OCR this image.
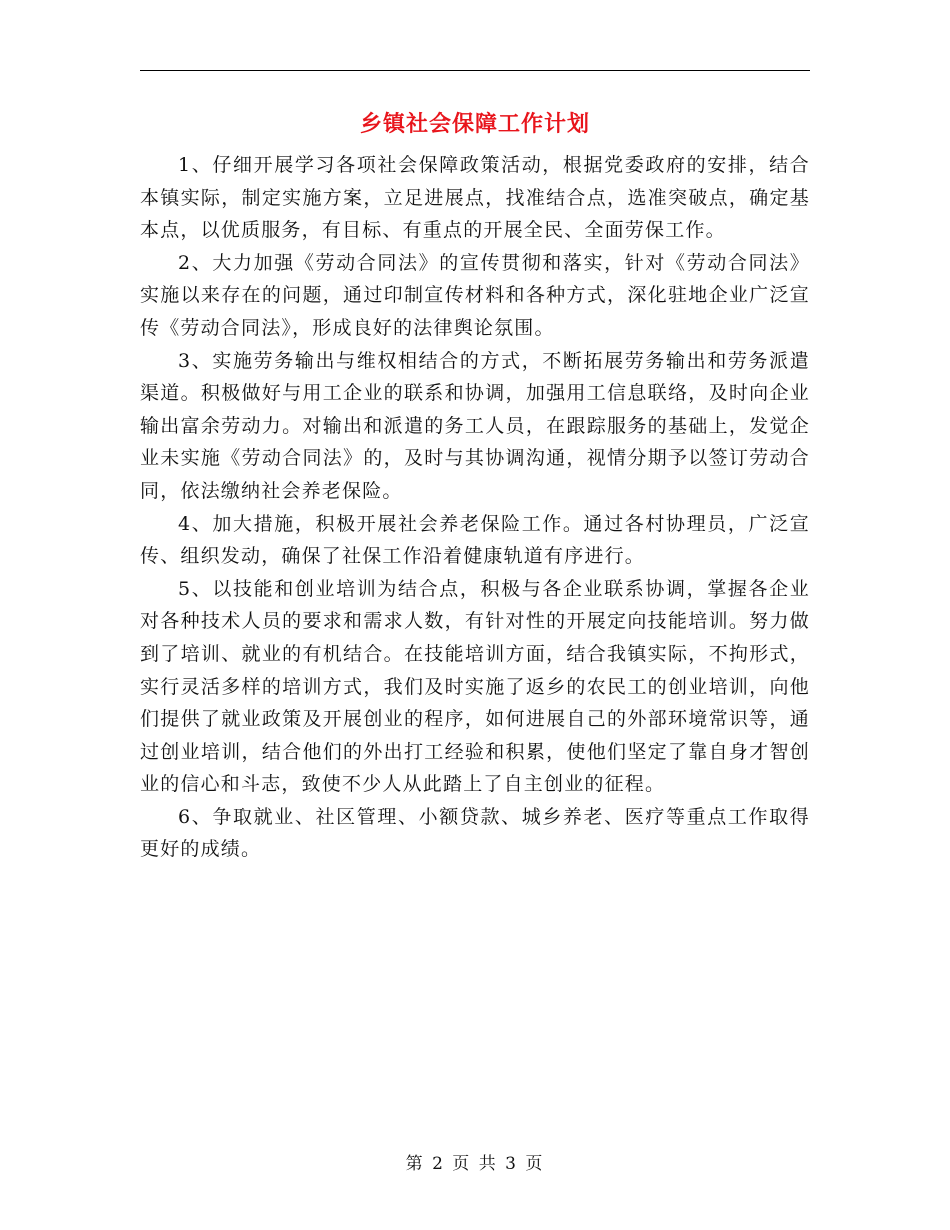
乡镇社会保障工作计划

1、仔细开展学习各项社会保障政策活动，根据党委政府的安排，结合本镇实际，制定实施方案，立足进展点，找准结合点，选准突破点，确定基本点，以优质服务，有目标、有重点的开展全民、全面劳保工作。

2、大力加强《劳动合同法》的宣传贯彻和落实，针对《劳动合同法》实施以来存在的问题，通过印制宣传材料和各种方式，深化驻地企业广泛宣传《劳动合同法》，形成良好的法律舆论氛围。

3、实施劳务输出与维权相结合的方式，不断拓展劳务输出和劳务派遣渠道。积极做好与用工企业的联系和协调，加强用工信息联络，及时向企业输出富余劳动力。对输出和派遣的务工人员，在跟踪服务的基础上，发觉企业未实施《劳动合同法》的，及时与其协调沟通，视情分期予以签订劳动合同，依法缴纳社会养老保险。

4、加大措施，积极开展社会养老保险工作。通过各村协理员，广泛宣传、组织发动，确保了社保工作沿着健康轨道有序进行。

5、以技能和创业培训为结合点，积极与各企业联系协调，掌握各企业对各种技术人员的要求和需求人数，有针对性的开展定向技能培训。努力做到了培训、就业的有机结合。在技能培训方面，结合我镇实际，不拘形式，实行灵活多样的培训方式，我们及时实施了返乡的农民工的创业培训，向他们提供了就业政策及开展创业的程序，如何进展自己的外部环境常识等，通过创业培训，结合他们的外出打工经验和积累，使他们坚定了靠自身才智创业的信心和斗志，致使不少人从此踏上了自主创业的征程。

6、争取就业、社区管理、小额贷款、城乡养老、医疗等重点工作取得更好的成绩。

第 2 页 共 3 页
